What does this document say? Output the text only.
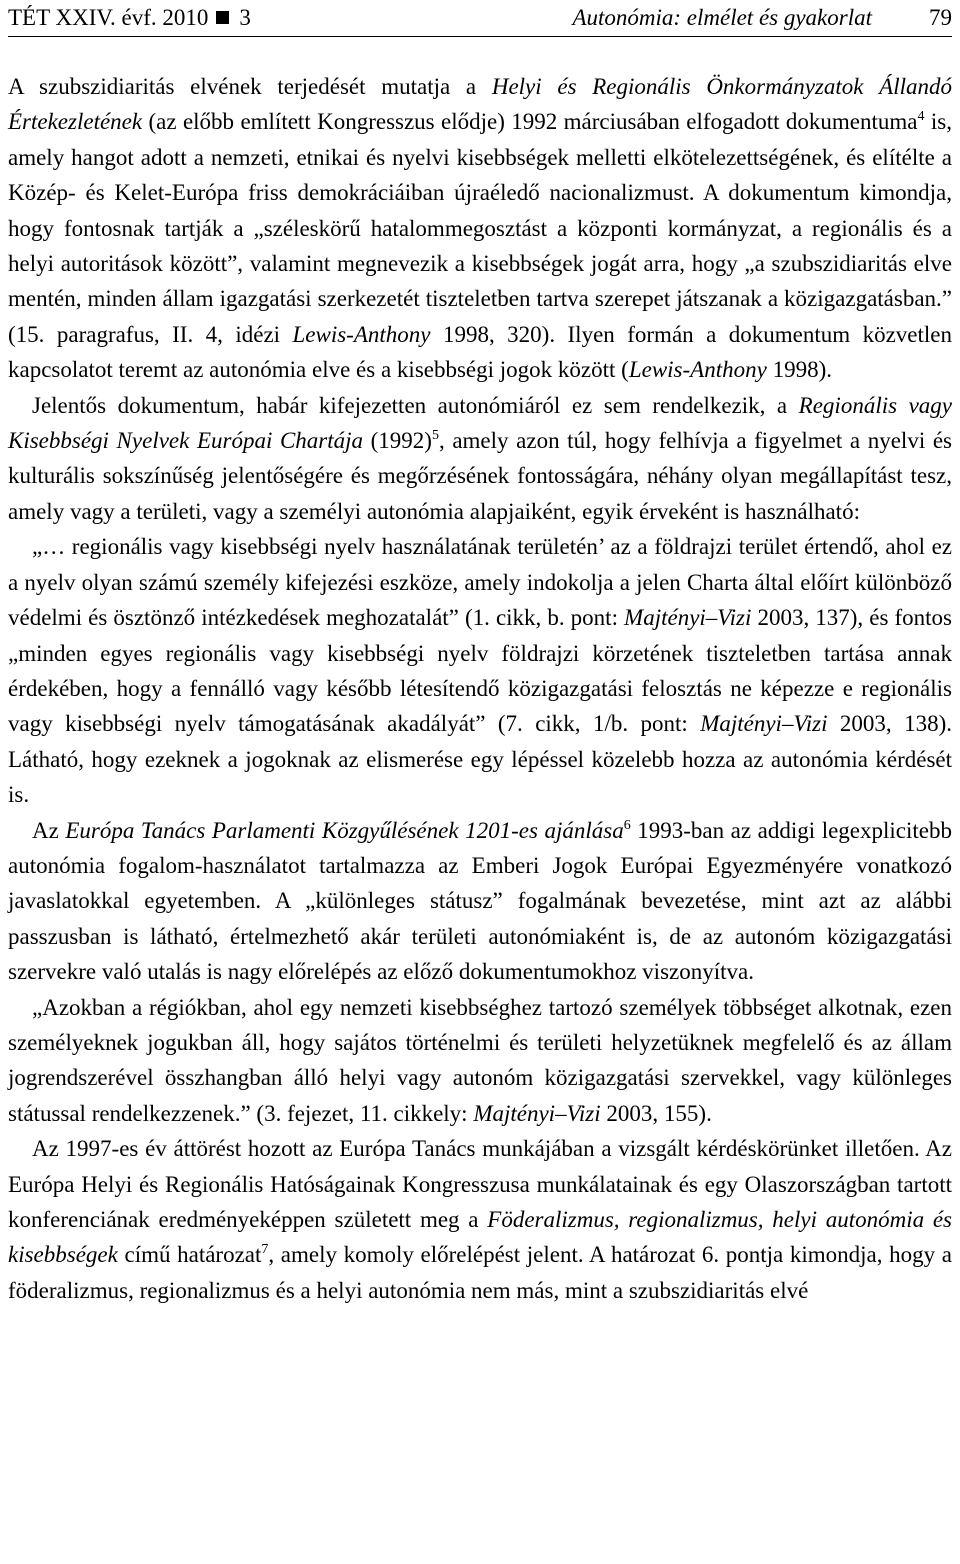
TÉT XXIV. évf. 2010 3	Autonómia: elmélet és gyakorlat	79

A szubszidiaritás elvének terjedését mutatja a Helyi és Regionális Önkormányzatok Állandó Értekezletének (az előbb említett Kongresszus elődje) 1992 márciusában elfogadott dokumentuma$^4$ is, amely hangot adott a nemzeti, etnikai és nyelvi kisebbségek melletti elkötelezettségének, és elítélte a Közép- és Kelet-Európa friss demokráciáiban újraéledő nacionalizmust. A dokumentum kimondja, hogy fontosnak tartják a „széleskörű hatalommegosztást a központi kormányzat, a regionális és a helyi autoritások között”, valamint megnevezik a kisebbségek jogát arra, hogy „a szubszidiaritás elve mentén, minden állam igazgatási szerkezetét tiszteletben tartva szerepet játszanak a közigazgatásban.” (15. paragrafus, II. 4, idézi Lewis-Anthony 1998, 320). Ilyen formán a dokumentum közvetlen kapcsolatot teremt az autonómia elve és a kisebbségi jogok között (Lewis-Anthony 1998).

Jelentős dokumentum, habár kifejezetten autonómiáról ez sem rendelkezik, a Regionális vagy Kisebbségi Nyelvek Európai Chartája $(1992)^5$, amely azon túl, hogy felhívja a figyelmet a nyelvi és kulturális sokszínűség jelentőségére és megőrzésének fontosságára, néhány olyan megállapítást tesz, amely vagy a területi, vagy a személyi autonómia alapjaiként, egyik érveként is használható:

„… regionális vagy kisebbségi nyelv használatának területén’ az a földrajzi terület értendő, ahol ez a nyelv olyan számú személy kifejezési eszköze, amely indokolja a jelen Charta által előírt különböző védelmi és ösztönző intézkedések meghozatalát” (1. cikk, b. pont: Majtényi–Vizi 2003, 137), és fontos „minden egyes regionális vagy kisebbségi nyelv földrajzi körzetének tiszteletben tartása annak érdekében, hogy a fennálló vagy később létesítendő közigazgatási felosztás ne képezze e regionális vagy kisebbségi nyelv támogatásának akadályát” (7. cikk, 1/b. pont: Majtényi–Vizi 2003, 138). Látható, hogy ezeknek a jogoknak az elismerése egy lépéssel közelebb hozza az autonómia kérdését is.

Az Európa Tanács Parlamenti Közgyűlésének 1201-es ajánlása$^6$ 1993-ban az addigi legexplicitebb autonómia fogalom-használatot tartalmazza az Emberi Jogok Európai Egyezményére vonatkozó javaslatokkal egyetemben. A „különleges státusz” fogalmának bevezetése, mint azt az alábbi passzusban is látható, értelmezhető akár területi autonómiaként is, de az autonóm közigazgatási szervekre való utalás is nagy előrelépés az előző dokumentumokhoz viszonyítva.

„Azokban a régiókban, ahol egy nemzeti kisebbséghez tartozó személyek többséget alkotnak, ezen személyeknek jogukban áll, hogy sajátos történelmi és területi helyzetüknek megfelelő és az állam jogrendszerével összhangban álló helyi vagy autonóm közigazgatási szervekkel, vagy különleges státussal rendelkezzenek.” (3. fejezet, 11. cikkely: Majtényi–Vizi 2003, 155).

Az 1997-es év áttörést hozott az Európa Tanács munkájában a vizsgált kérdéskörünket illetően. Az Európa Helyi és Regionális Hatóságainak Kongresszusa munkálatainak és egy Olaszországban tartott konferenciának eredményeképpen született meg a Föderalizmus, regionalizmus, helyi autonómia és kisebbségek című határozat$^7$, amely komoly előrelépést jelent. A határozat 6. pontja kimondja, hogy a föderalizmus, regionalizmus és a helyi autonómia nem más, mint a szubszidiaritás elvé
